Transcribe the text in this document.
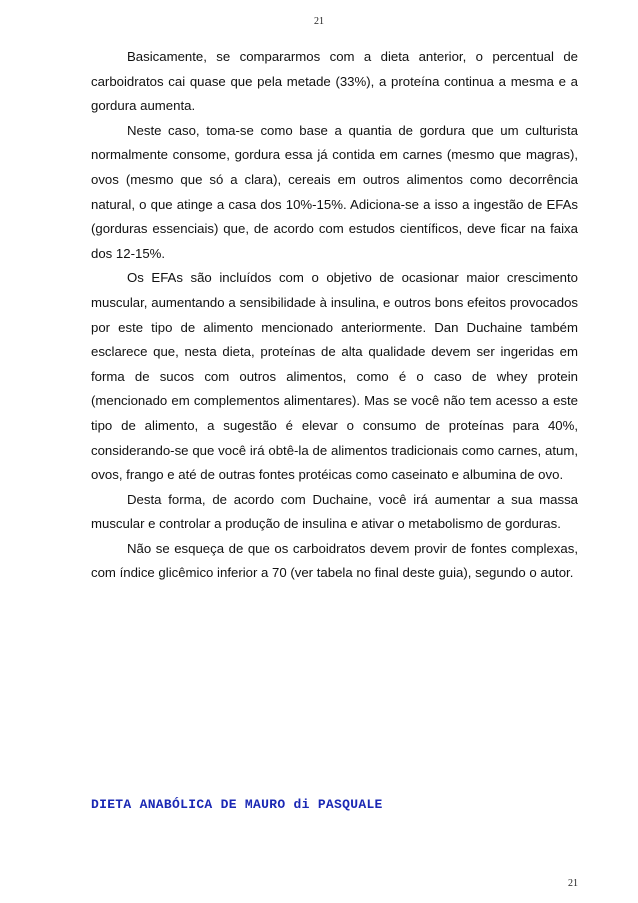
21

Basicamente, se compararmos com a dieta anterior, o percentual de carboidratos cai quase que pela metade (33%), a proteína continua a mesma e a gordura aumenta.

Neste caso, toma-se como base a quantia de gordura que um culturista normalmente consome, gordura essa já contida em carnes (mesmo que magras), ovos (mesmo que só a clara), cereais em outros alimentos como decorrência natural, o que atinge a casa dos 10%-15%. Adiciona-se a isso a ingestão de EFAs (gorduras essenciais) que, de acordo com estudos científicos, deve ficar na faixa dos 12-15%.

Os EFAs são incluídos com o objetivo de ocasionar maior crescimento muscular, aumentando a sensibilidade à insulina, e outros bons efeitos provocados por este tipo de alimento mencionado anteriormente. Dan Duchaine também esclarece que, nesta dieta, proteínas de alta qualidade devem ser ingeridas em forma de sucos com outros alimentos, como é o caso de whey protein (mencionado em complementos alimentares). Mas se você não tem acesso a este tipo de alimento, a sugestão é elevar o consumo de proteínas para 40%, considerando-se que você irá obtê-la de alimentos tradicionais como carnes, atum, ovos, frango e até de outras fontes protéicas como caseinato e albumina de ovo.

Desta forma, de acordo com Duchaine, você irá aumentar a sua massa muscular e controlar a produção de insulina e ativar o metabolismo de gorduras.

Não se esqueça de que os carboidratos devem provir de fontes complexas, com índice glicêmico inferior a 70 (ver tabela no final deste guia), segundo o autor.

DIETA ANABÓLICA DE MAURO di PASQUALE
21
